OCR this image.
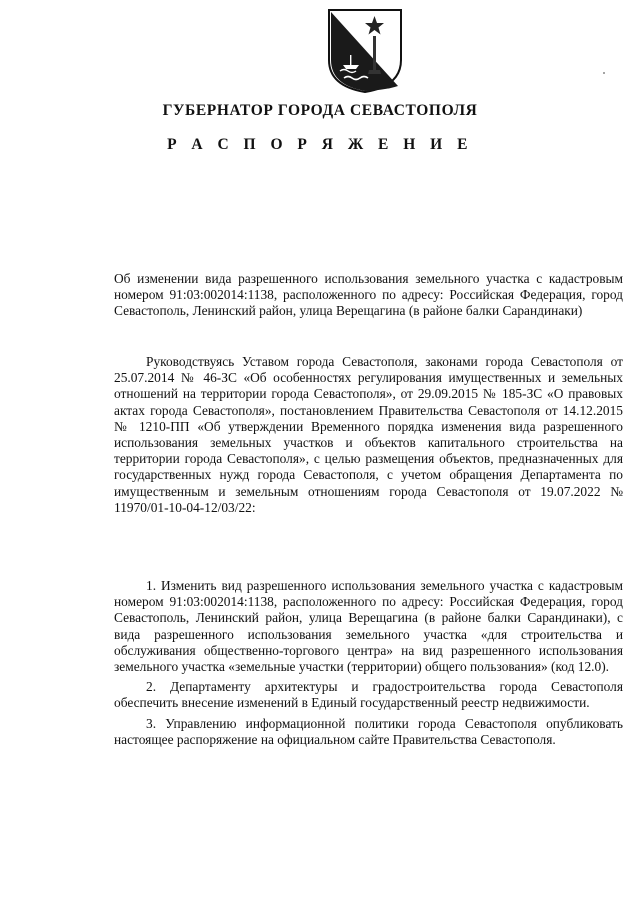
ГУБЕРНАТОР ГОРОДА СЕВАСТОПОЛЯ
Р А С П О Р Я Ж Е Н И Е
Об изменении вида разрешенного использования земельного участка с кадастровым номером 91:03:002014:1138, расположенного по адресу: Российская Федерация, город Севастополь, Ленинский район, улица Верещагина (в районе балки Сарандинаки)
Руководствуясь Уставом города Севастополя, законами города Севастополя от 25.07.2014 № 46-ЗС «Об особенностях регулирования имущественных и земельных отношений на территории города Севастополя», от 29.09.2015 № 185-ЗС «О правовых актах города Севастополя», постановлением Правительства Севастополя от 14.12.2015 № 1210-ПП «Об утверждении Временного порядка изменения вида разрешенного использования земельных участков и объектов капитального строительства на территории города Севастополя», с целью размещения объектов, предназначенных для государственных нужд города Севастополя, с учетом обращения Департамента по имущественным и земельным отношениям города Севастополя от 19.07.2022 № 11970/01-10-04-12/03/22:

1. Изменить вид разрешенного использования земельного участка с кадастровым номером 91:03:002014:1138, расположенного по адресу: Российская Федерация, город Севастополь, Ленинский район, улица Верещагина (в районе балки Сарандинаки), с вида разрешенного использования земельного участка «для строительства и обслуживания общественно-торгового центра» на вид разрешенного использования земельного участка «земельные участки (территории) общего пользования» (код 12.0).

2. Департаменту архитектуры и градостроительства города Севастополя обеспечить внесение изменений в Единый государственный реестр недвижимости.

3. Управлению информационной политики города Севастополя опубликовать настоящее распоряжение на официальном сайте Правительства Севастополя.
